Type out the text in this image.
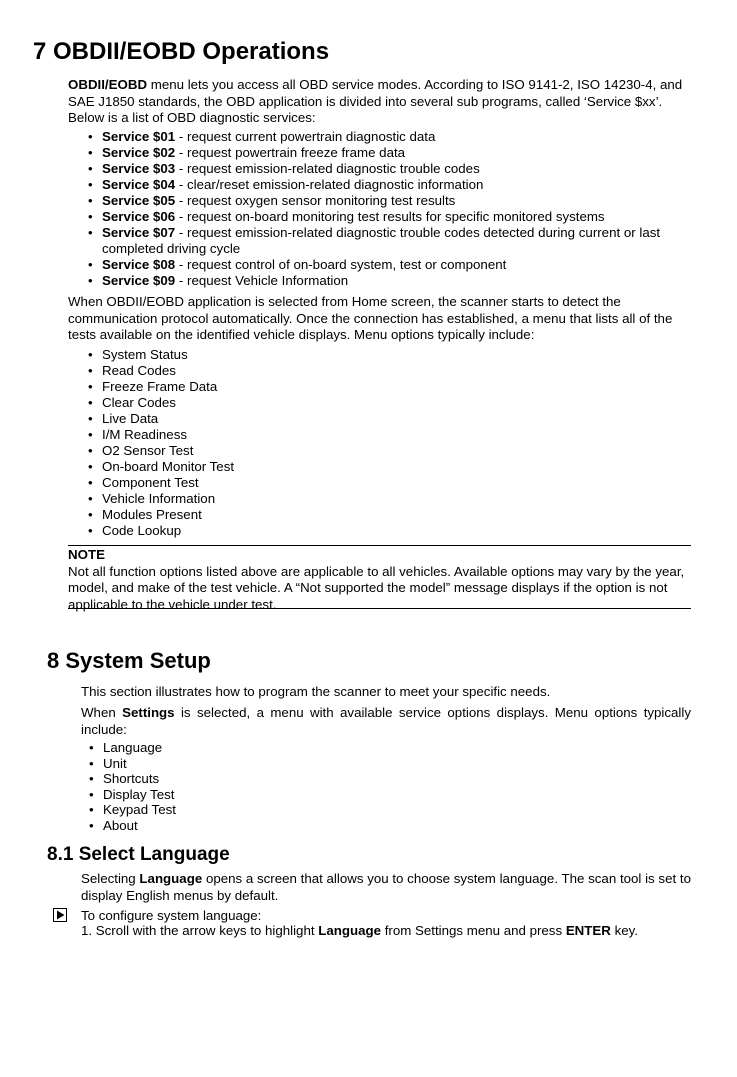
7 OBDII/EOBD Operations

OBDII/EOBD menu lets you access all OBD service modes. According to ISO 9141-2, ISO 14230-4, and SAE J1850 standards, the OBD application is divided into several sub programs, called ‘Service $xx’. Below is a list of OBD diagnostic services:

• Service $01 - request current powertrain diagnostic data
• Service $02 - request powertrain freeze frame data
• Service $03 - request emission-related diagnostic trouble codes
• Service $04 - clear/reset emission-related diagnostic information
• Service $05 - request oxygen sensor monitoring test results
• Service $06 - request on-board monitoring test results for specific monitored systems
• Service $07 - request emission-related diagnostic trouble codes detected during current or last completed driving cycle
• Service $08 - request control of on-board system, test or component
• Service $09 - request Vehicle Information

When OBDII/EOBD application is selected from Home screen, the scanner starts to detect the communication protocol automatically. Once the connection has established, a menu that lists all of the tests available on the identified vehicle displays. Menu options typically include:

• System Status
• Read Codes
• Freeze Frame Data
• Clear Codes
• Live Data
• I/M Readiness
• O2 Sensor Test
• On-board Monitor Test
• Component Test
• Vehicle Information
• Modules Present
• Code Lookup
NOTE
Not all function options listed above are applicable to all vehicles. Available options may vary by the year, model, and make of the test vehicle. A “Not supported the model” message displays if the option is not applicable to the vehicle under test.
8 System Setup

This section illustrates how to program the scanner to meet your specific needs.

When Settings is selected, a menu with available service options displays. Menu options typically include:

• Language
• Unit
• Shortcuts
• Display Test
• Keypad Test
• About
8.1 Select Language

Selecting Language opens a screen that allows you to choose system language. The scan tool is set to display English menus by default.

To configure system language:

1. Scroll with the arrow keys to highlight Language from Settings menu and press ENTER key.
